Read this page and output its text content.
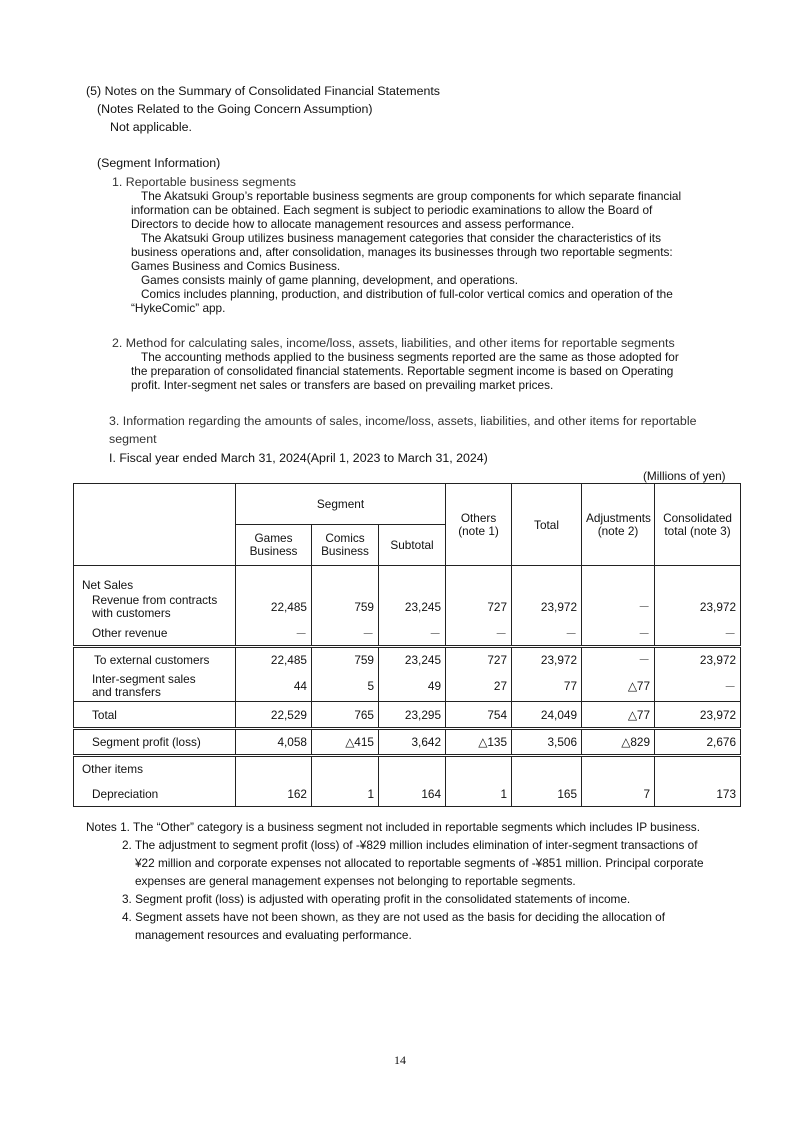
(5) Notes on the Summary of Consolidated Financial Statements
(Notes Related to the Going Concern Assumption)
Not applicable.
(Segment Information)
1. Reportable business segments
The Akatsuki Group’s reportable business segments are group components for which separate financial
information can be obtained. Each segment is subject to periodic examinations to allow the Board of
Directors to decide how to allocate management resources and assess performance.
The Akatsuki Group utilizes business management categories that consider the characteristics of its
business operations and, after consolidation, manages its businesses through two reportable segments:
Games Business and Comics Business.
Games consists mainly of game planning, development, and operations.
Comics includes planning, production, and distribution of full-color vertical comics and operation of the
“HykeComic” app.
2. Method for calculating sales, income/loss, assets, liabilities, and other items for reportable segments
The accounting methods applied to the business segments reported are the same as those adopted for
the preparation of consolidated financial statements. Reportable segment income is based on Operating
profit. Inter-segment net sales or transfers are based on prevailing market prices.
3. Information regarding the amounts of sales, income/loss, assets, liabilities, and other items for reportable
segment
I. Fiscal year ended March 31, 2024(April 1, 2023 to March 31, 2024)
(Millions of yen)
	Segment			Others
(note 1)	Total	Adjustments
(note 2)	Consolidated
total (note 3)

	Games
Business	Comics
Business	Subtotal				
Net Sales							

Revenue from contracts
with customers	22,485	759	23,245	727	23,972	－	23,972
Other revenue	－	－	－	－	－	－	－
To external customers	22,485	759	23,245	727	23,972	－	23,972

Inter-segment sales
and transfers	44	5	49	27	77	△77	－
Total	22,529	765	23,295	754	24,049	△77	23,972
Segment profit (loss)	4,058	△415	3,642	△135	3,506	△829	2,676
Other items							
Depreciation	162	1	164	1	165	7	173
Notes 1. The “Other” category is a business segment not included in reportable segments which includes IP business.
2. The adjustment to segment profit (loss) of -¥829 million includes elimination of inter-segment transactions of
¥22 million and corporate expenses not allocated to reportable segments of -¥851 million. Principal corporate
expenses are general management expenses not belonging to reportable segments.
3. Segment profit (loss) is adjusted with operating profit in the consolidated statements of income.
4. Segment assets have not been shown, as they are not used as the basis for deciding the allocation of
management resources and evaluating performance.
14
